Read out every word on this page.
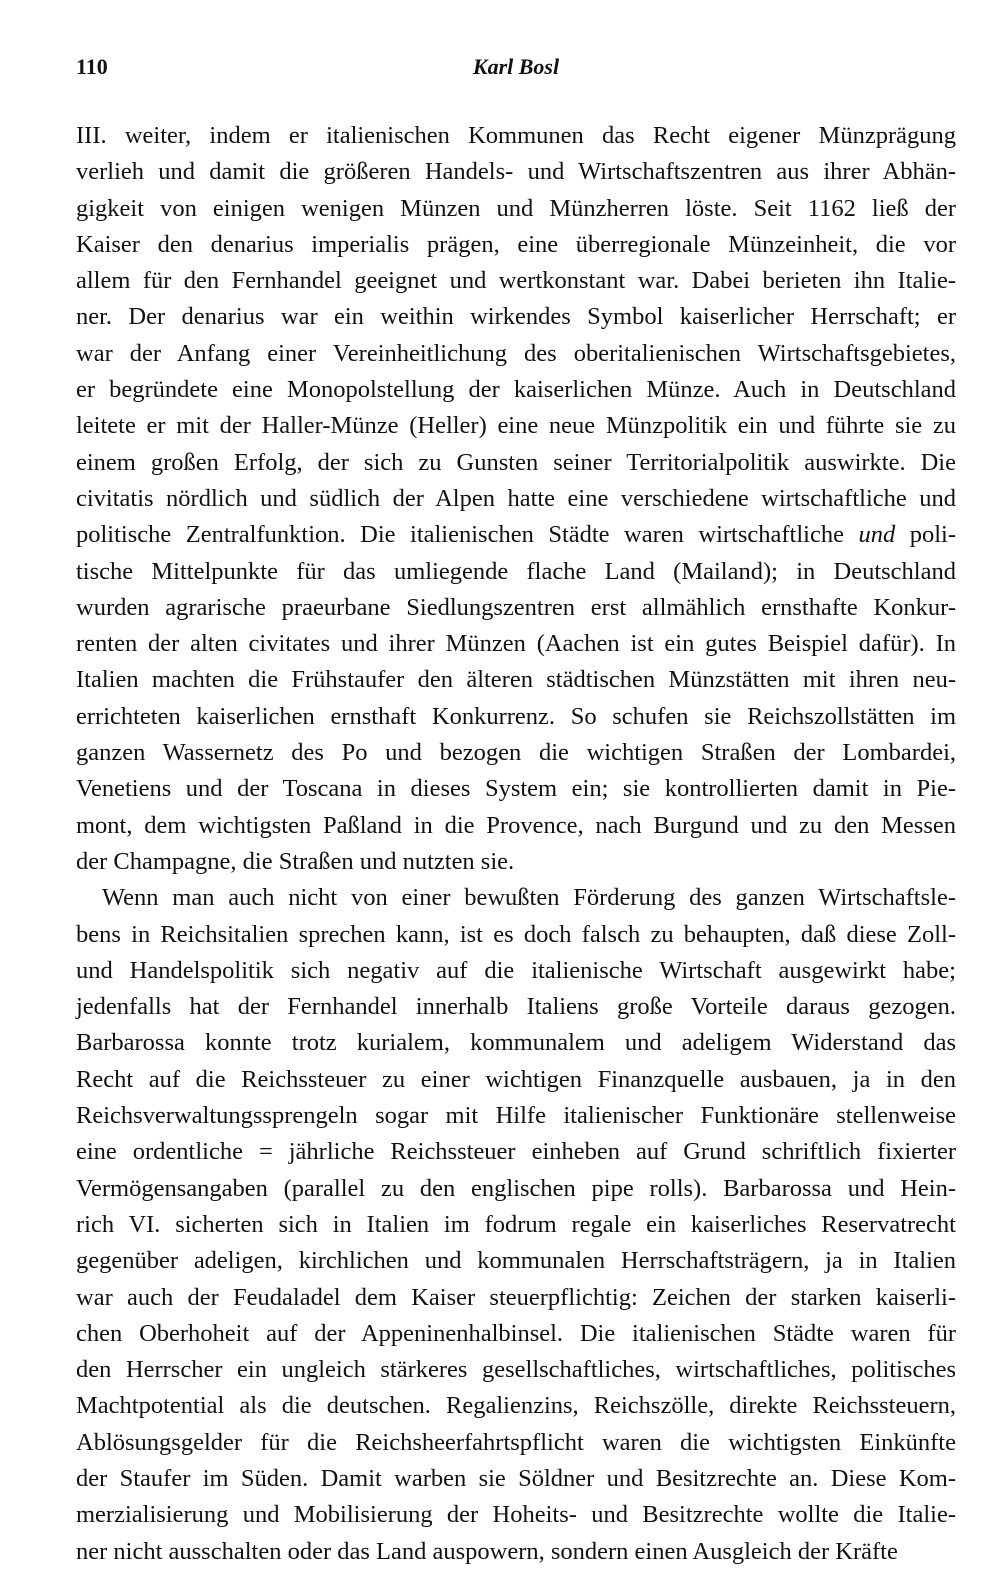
110	Karl Bosl
III. weiter, indem er italienischen Kommunen das Recht eigener Münzprägung
verlieh und damit die größeren Handels- und Wirtschaftszentren aus ihrer Abhän-
gigkeit von einigen wenigen Münzen und Münzherren löste. Seit 1162 ließ der
Kaiser den denarius imperialis prägen, eine überregionale Münzeinheit, die vor
allem für den Fernhandel geeignet und wertkonstant war. Dabei berieten ihn Italie-
ner. Der denarius war ein weithin wirkendes Symbol kaiserlicher Herrschaft; er
war der Anfang einer Vereinheitlichung des oberitalienischen Wirtschaftsgebietes,
er begründete eine Monopolstellung der kaiserlichen Münze. Auch in Deutschland
leitete er mit der Haller-Münze (Heller) eine neue Münzpolitik ein und führte sie zu
einem großen Erfolg, der sich zu Gunsten seiner Territorialpolitik auswirkte. Die
civitatis nördlich und südlich der Alpen hatte eine verschiedene wirtschaftliche und
politische Zentralfunktion. Die italienischen Städte waren wirtschaftliche und poli-
tische Mittelpunkte für das umliegende flache Land (Mailand); in Deutschland
wurden agrarische praeurbane Siedlungszentren erst allmählich ernsthafte Konkur-
renten der alten civitates und ihrer Münzen (Aachen ist ein gutes Beispiel dafür). In
Italien machten die Frühstaufer den älteren städtischen Münzstätten mit ihren neu-
errichteten kaiserlichen ernsthaft Konkurrenz. So schufen sie Reichszollstätten im
ganzen Wassernetz des Po und bezogen die wichtigen Straßen der Lombardei,
Venetiens und der Toscana in dieses System ein; sie kontrollierten damit in Pie-
mont, dem wichtigsten Paßland in die Provence, nach Burgund und zu den Messen
der Champagne, die Straßen und nutzten sie.
Wenn man auch nicht von einer bewußten Förderung des ganzen Wirtschaftsle-
bens in Reichsitalien sprechen kann, ist es doch falsch zu behaupten, daß diese Zoll-
und Handelspolitik sich negativ auf die italienische Wirtschaft ausgewirkt habe;
jedenfalls hat der Fernhandel innerhalb Italiens große Vorteile daraus gezogen.
Barbarossa konnte trotz kurialem, kommunalem und adeligem Widerstand das
Recht auf die Reichssteuer zu einer wichtigen Finanzquelle ausbauen, ja in den
Reichsverwaltungssprengeln sogar mit Hilfe italienischer Funktionäre stellenweise
eine ordentliche = jährliche Reichssteuer einheben auf Grund schriftlich fixierter
Vermögensangaben (parallel zu den englischen pipe rolls). Barbarossa und Hein-
rich VI. sicherten sich in Italien im fodrum regale ein kaiserliches Reservatrecht
gegenüber adeligen, kirchlichen und kommunalen Herrschaftsträgern, ja in Italien
war auch der Feudaladel dem Kaiser steuerpflichtig: Zeichen der starken kaiserli-
chen Oberhoheit auf der Appeninenhalbinsel. Die italienischen Städte waren für
den Herrscher ein ungleich stärkeres gesellschaftliches, wirtschaftliches, politisches
Machtpotential als die deutschen. Regalienzins, Reichszölle, direkte Reichssteuern,
Ablösungsgelder für die Reichsheerfahrtspflicht waren die wichtigsten Einkünfte
der Staufer im Süden. Damit warben sie Söldner und Besitzrechte an. Diese Kom-
merzialisierung und Mobilisierung der Hoheits- und Besitzrechte wollte die Italie-
ner nicht ausschalten oder das Land auspowern, sondern einen Ausgleich der Kräfte
